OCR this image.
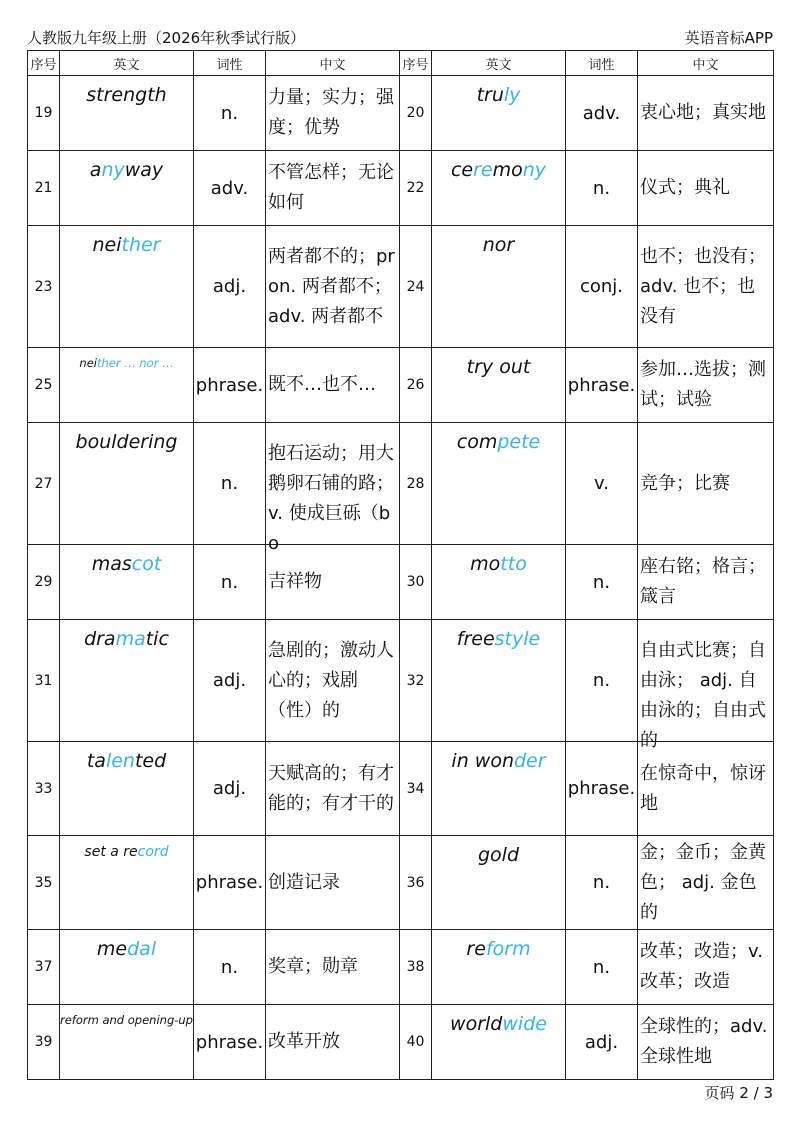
人教版九年级上册（2026年秋季试行版）	英语音标APP
序号	英文	词性	中文	序号	英文	词性	中文
19	strength	n.	力量；实力；强度；优势	20	truly	adv.	衷心地；真实地

21	anyway	adv.	不管怎样；无论如何	22	ceremony	n.	仪式；典礼

23	neither	adj.	两者都不的；pron. 两者都不；adv. 两者都不	24	nor	conj.	也不；也没有；adv. 也不；也没有

25	neither … nor …	phrase.	既不…也不…	26	try out	phrase.	参加…选拔；测试；试验

27	bouldering	n.	抱石运动；用大鹅卵石铺的路；v. 使成巨砾（bo	28	compete	v.	竞争；比赛

29	mascot	n.	吉祥物	30	motto	n.	座右铭；格言；箴言

31	dramatic	adj.	急剧的；激动人心的；戏剧（性）的	32	freestyle	n.	自由式比赛；自由泳； adj. 自由泳的；自由式的

33	talented	adj.	天赋高的；有才能的；有才干的	34	in wonder	phrase.	在惊奇中，惊讶地

35	set a record	phrase.	创造记录	36	gold	n.	金；金币；金黄色； adj. 金色的

37	medal	n.	奖章；勋章	38	reform	n.	改革；改造；v. 改革；改造

39	reform and opening-up	phrase.	改革开放	40	worldwide	adj.	全球性的；adv. 全球性地
页码 2 / 3
